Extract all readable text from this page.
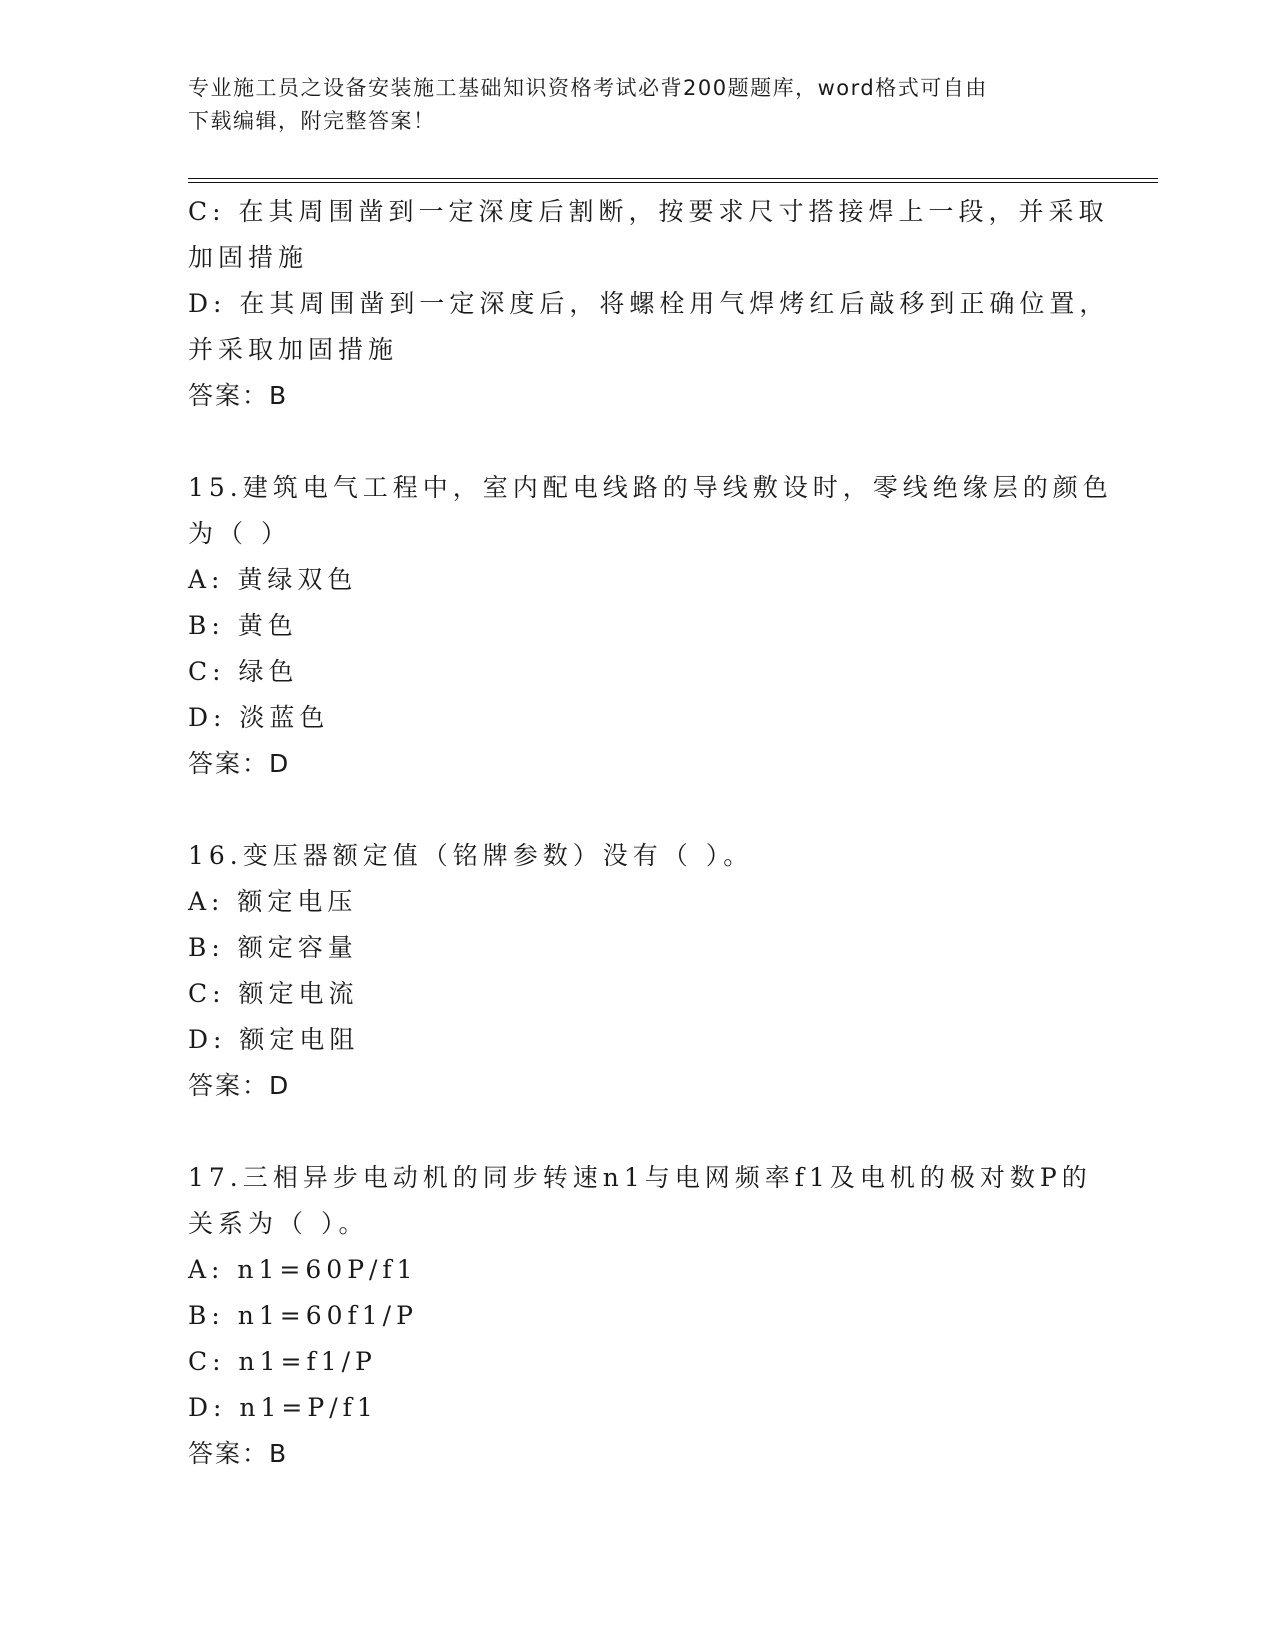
专业施工员之设备安装施工基础知识资格考试必背200题题库，word格式可自由
下载编辑，附完整答案！
C: 在其周围凿到一定深度后割断，按要求尺寸搭接焊上一段，并采取
加固措施
D: 在其周围凿到一定深度后，将螺栓用气焊烤红后敲移到正确位置，
并采取加固措施
答案：B
15.建筑电气工程中，室内配电线路的导线敷设时，零线绝缘层的颜色
为（ ）
A: 黄绿双色
B: 黄色
C: 绿色
D: 淡蓝色
答案：D
16.变压器额定值（铭牌参数）没有（ ）。
A: 额定电压
B: 额定容量
C: 额定电流
D: 额定电阻
答案：D
17.三相异步电动机的同步转速n1与电网频率f1及电机的极对数P的
关系为（ ）。
A: n1=60P/f1
B: n1=60f1/P
C: n1=f1/P
D: n1=P/f1
答案：B
